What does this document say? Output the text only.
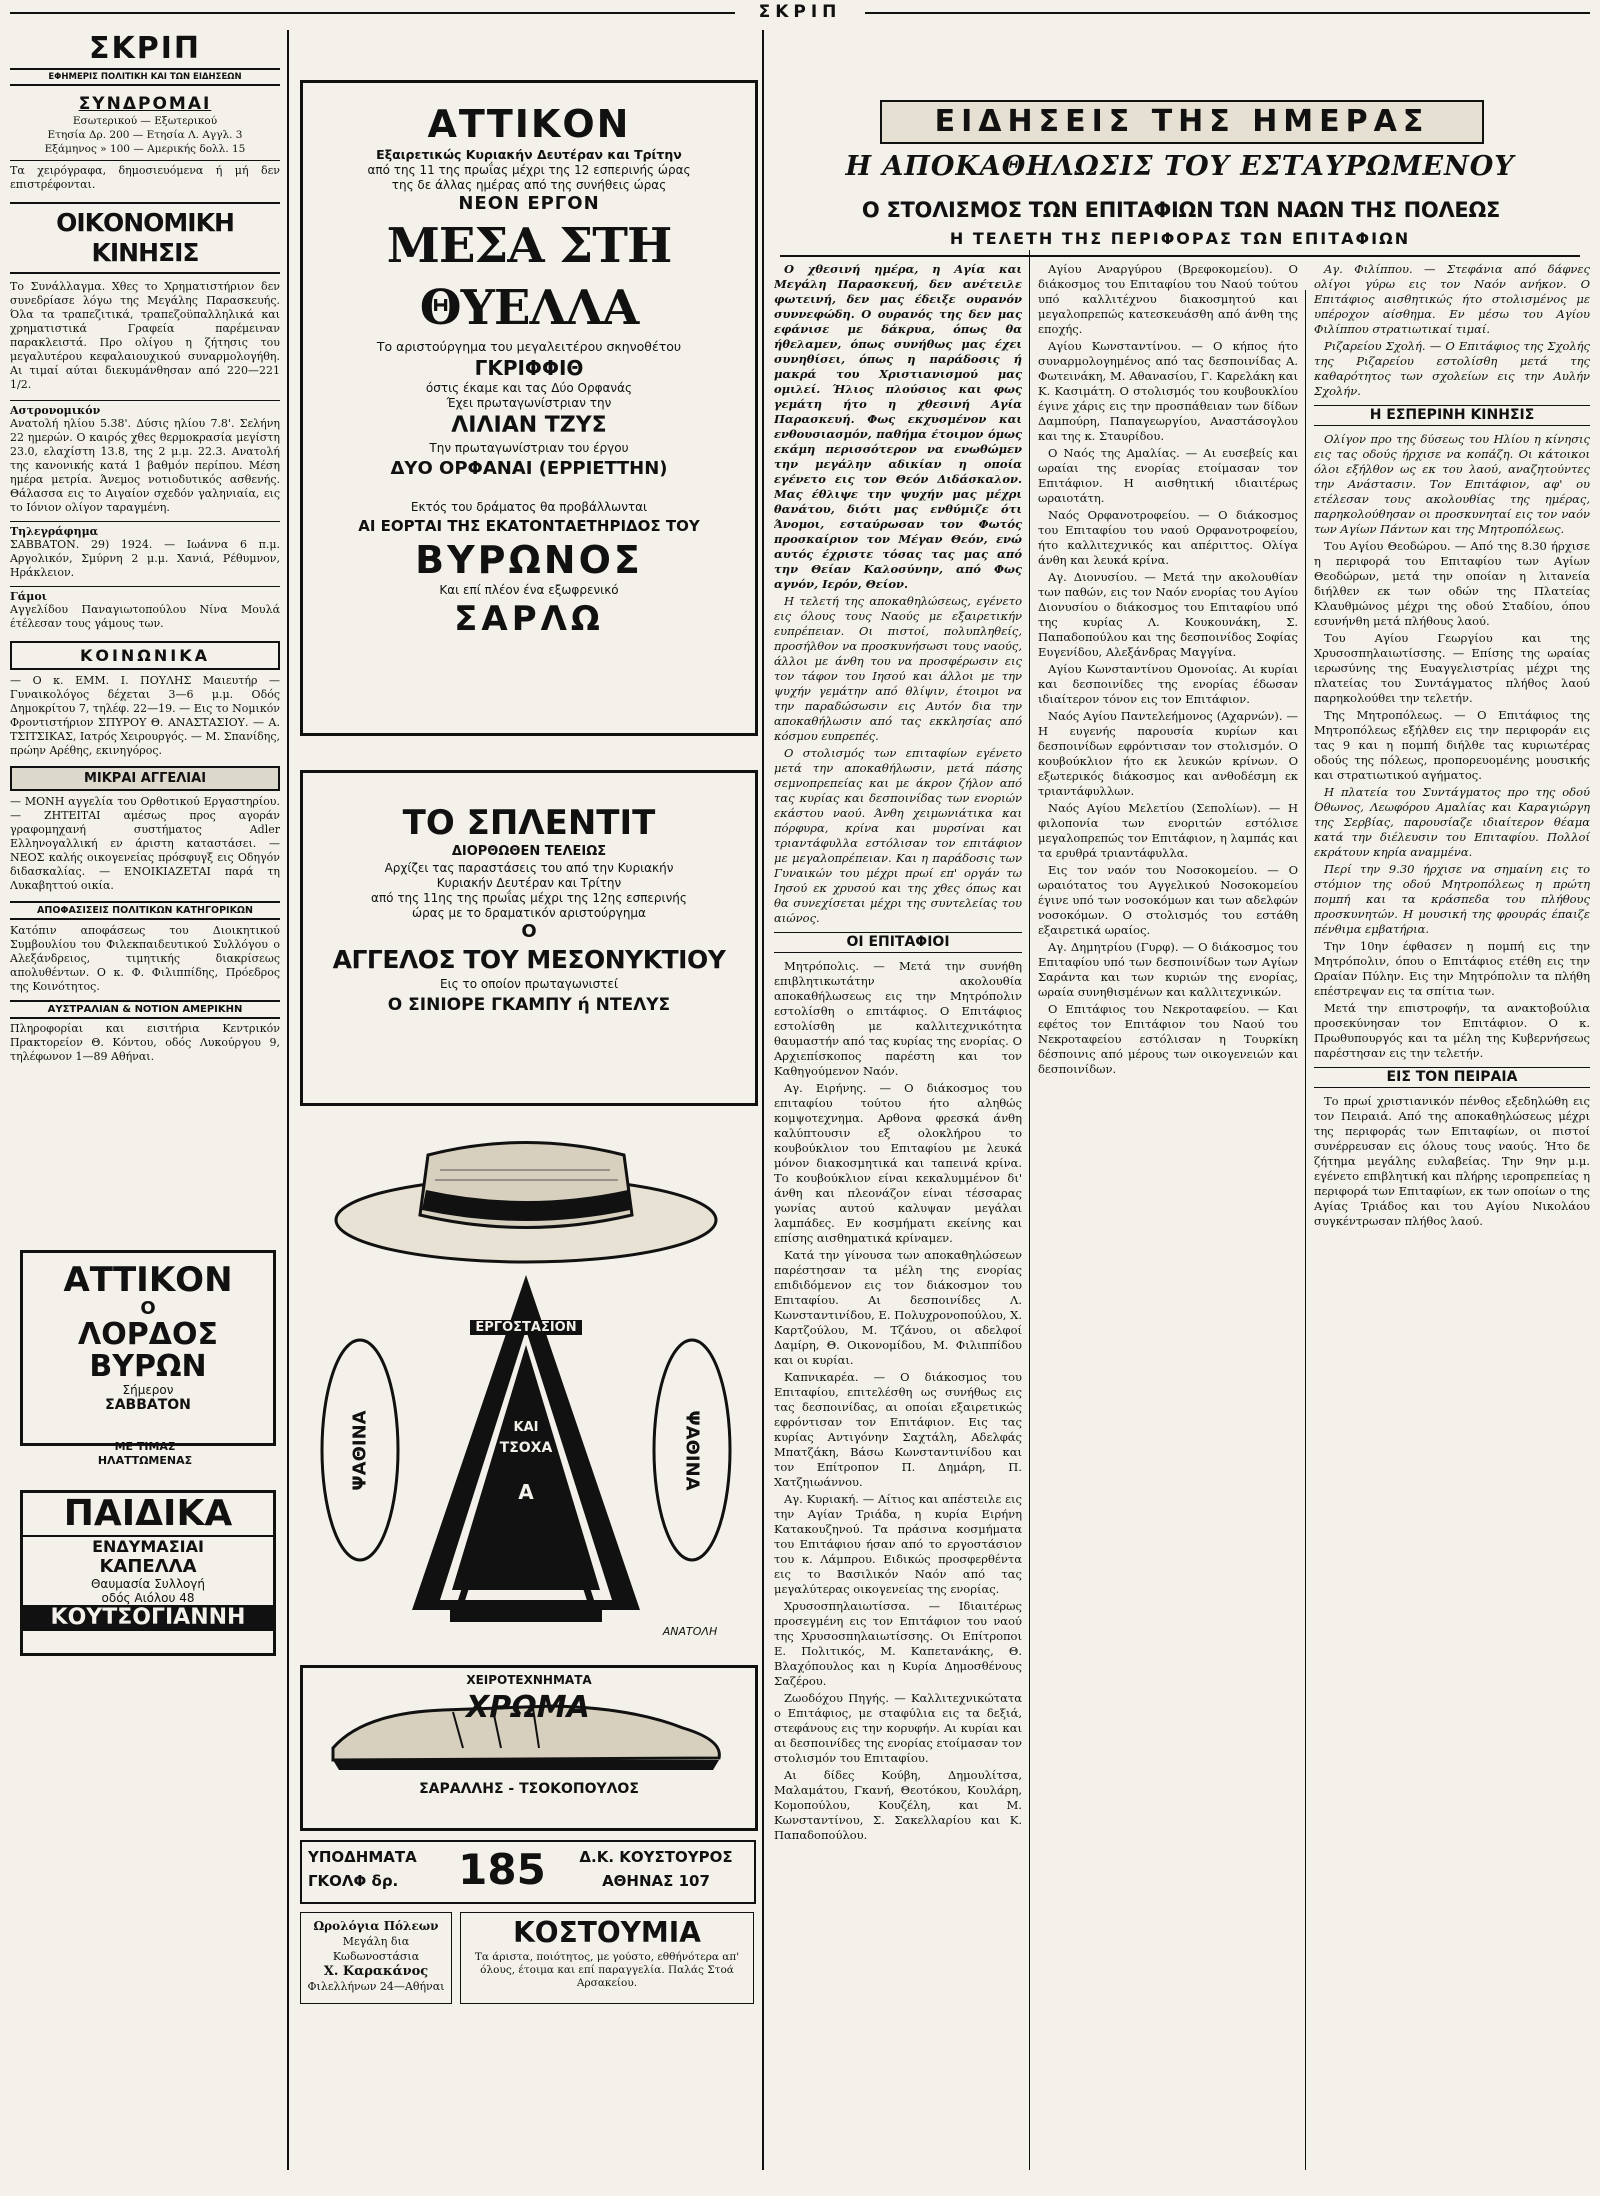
ΣΚΡΙΠ
ΣΚΡΙΠ
ΕΦΗΜΕΡΙΣ ΠΟΛΙΤΙΚΗ ΚΑΙ ΤΩΝ ΕΙΔΗΣΕΩΝ
ΣΥΝΔΡΟΜΑΙ
Εσωτερικού — Εξωτερικού
Ετησία Δρ. 200 — Ετησία Λ. Αγγλ. 3
Εξάμηνος » 100 — Αμερικής δολλ. 15
Τα χειρόγραφα, δημοσιευόμενα ή μή δεν επιστρέφονται.
ΟΙΚΟΝΟΜΙΚΗ ΚΙΝΗΣΙΣ
Το Συνάλλαγμα. Χθες το Χρηματιστήριον δεν συνεδρίασε λόγω της Μεγάλης Παρασκευής. Όλα τα τραπεζιτικά, τραπεζοϋπαλληλικά και χρηματιστικά Γραφεία παρέμειναν παρακλειστά. Προ ολίγου η ζήτησις του μεγαλυτέρου κεφαλαιουχικού συναρμολογήθη. Αι τιμαί αύται διεκυμάνθησαν από 220—221 1/2.
Αστρονομικόν
Ανατολή ηλίου 5.38'. Δύσις ηλίου 7.8'. Σελήνη 22 ημερών. Ο καιρός χθες θερμοκρασία μεγίστη 23.0, ελαχίστη 13.8, της 2 μ.μ. 22.3. Ανατολή της κανονικής κατά 1 βαθμόν περίπου. Μέση ημέρα μετρία. Άνεμος νοτιοδυτικός ασθενής. Θάλασσα εις το Αιγαίον σχεδόν γαληνιαία, εις το Ιόνιον ολίγον ταραγμένη.
Τηλεγράφημα
ΣΑΒΒΑΤΟΝ. 29) 1924. — Ιωάννα 6 π.μ. Αργολικόν, Σμύρνη 2 μ.μ. Χανιά, Ρέθυμνον, Ηράκλειον.
Γάμοι
Αγγελίδου Παναγιωτοπούλου Νίνα Μουλά έτέλεσαν τους γάμους των.
ΚΟΙΝΩΝΙΚΑ
— Ο κ. ΕΜΜ. Ι. ΠΟΥΛΗΣ Μαιευτήρ — Γυναικολόγος δέχεται 3—6 μ.μ. Οδός Δημοκρίτου 7, τηλέφ. 22—19. — Εις το Νομικόν Φροντιστήριον ΣΠΥΡΟΥ Θ. ΑΝΑΣΤΑΣΙΟΥ. — Α. ΤΣΙΤΣΙΚΑΣ, Ιατρός Χειρουργός. — Μ. Σπανίδης, πρώην Αρέθης, εκινηγόρος.
ΜΙΚΡΑΙ ΑΓΓΕΛΙΑΙ
— ΜΟΝΗ αγγελία του Ορθοτικού Εργαστηρίου. — ΖΗΤΕΙΤΑΙ αμέσως προς αγοράν γραφομηχανή συστήματος Adler Ελληνογαλλική εν άριστη καταστάσει. — ΝΕΟΣ καλής οικογενείας πρόσφυγξ εις Οδηγόν διδασκαλίας. — ΕΝΟΙΚΙΑΖΕΤΑΙ παρά τη Λυκαβηττού οικία.
ΑΠΟΦΑΣΙΣΕΙΣ ΠΟΛΙΤΙΚΩΝ ΚΑΤΗΓΟΡΙΚΩΝ
Κατόπιν αποφάσεως του Διοικητικού Συμβουλίου του Φιλεκπαιδευτικού Συλλόγου ο Αλεξάνδρειος, τιμητικής διακρίσεως απολυθέντων. Ο κ. Φ. Φιλιππίδης, Πρόεδρος της Κοινότητος.
ΑΥΣΤΡΑΛΙΑΝ & ΝΟΤΙΟΝ ΑΜΕΡΙΚΗΝ
Πληροφορίαι και εισιτήρια Κεντρικόν Πρακτορείον Θ. Κόντου, οδός Λυκούργου 9, τηλέφωνον 1—89 Αθήναι.
ΑΤΤΙΚΟΝ
Ο
ΛΟΡΔΟΣ
ΒΥΡΩΝ
Σήμερον
ΣΑΒΒΑΤΟΝ
ΜΕ ΤΙΜΑΣ
ΗΛΑΤΤΩΜΕΝΑΣ
ΠΑΙΔΙΚΑ
ΕΝΔΥΜΑΣΙΑΙ
ΚΑΠΕΛΛΑ
Θαυμασία Συλλογή
οδός Αιόλου 48
ΚΟΥΤΣΟΓΙΑΝΝΗ
ΑΤΤΙΚΟΝ
Εξαιρετικώς Κυριακήν Δευτέραν και Τρίτην
από της 11 της πρωΐας μέχρι της 12 εσπερινής ώρας
της δε άλλας ημέρας από της συνήθεις ώρας
ΝΕΟΝ ΕΡΓΟΝ
ΜΕΣΑ ΣΤΗ ΘΥΕΛΛΑ
Το αριστούργημα του μεγαλειτέρου σκηνοθέτου
ΓΚΡΙΦΦΙΘ
όστις έκαμε και τας Δύο Ορφανάς
Έχει πρωταγωνίστριαν την
ΛΙΛΙΑΝ ΤΖΥΣ
Την πρωταγωνίστριαν του έργου
ΔΥΟ ΟΡΦΑΝΑΙ (ΕΡΡΙΕΤΤΗΝ)
Εκτός του δράματος θα προβάλλωνται
ΑΙ ΕΟΡΤΑΙ ΤΗΣ ΕΚΑΤΟΝΤΑΕΤΗΡΙΔΟΣ ΤΟΥ
ΒΥΡΩΝΟΣ
Και επί πλέον ένα εξωφρενικό
ΣΑΡΛΩ
ΤΟ ΣΠΛΕΝΤΙΤ
ΔΙΟΡΘΩΘΕΝ ΤΕΛΕΙΩΣ
Αρχίζει τας παραστάσεις του από την Κυριακήν
Κυριακήν Δευτέραν και Τρίτην
από της 11ης της πρωΐας μέχρι της 12ης εσπερινής
ώρας με το δραματικόν αριστούργημα
Ο
ΑΓΓΕΛΟΣ ΤΟΥ ΜΕΣΟΝΥΚΤΙΟΥ
Εις το οποίον πρωταγωνιστεί
Ο ΣΙΝΙΟΡΕ ΓΚΑΜΠΥ ή ΝΤΕΛΥΣ
ΨΑΘΙΝΑ	ΨΑΘΙΝΑ
ΕΡΓΟΣΤΑΣΙΟΝ
ΚΑΙ
ΤΣΟΧΑ
Α
ΑΝΑΤΟΛΗ
ΧΕΙΡΟΤΕΧΝΗΜΑΤΑ
ΧΡΩΜΑ
ΣΑΡΑΛΛΗΣ - ΤΣΟΚΟΠΟΥΛΟΣ
ΥΠΟΔΗΜΑΤΑ
ΓΚΟΛΦ δρ.	185	Δ.Κ. ΚΟΥΣΤΟΥΡΟΣ
ΑΘΗΝΑΣ 107
Ωρολόγια Πόλεων
Μεγάλη δια Κωδωνοστάσια
Χ. Καρακάνος
Φιλελλήνων 24—Αθήναι
ΚΟΣΤΟΥΜΙΑ
Τα άριστα, ποιότητος, με γούστο, εθθήνότερα απ' όλους, έτοιμα και επί παραγγελία. Παλάς Στοά Αρσακείου.
ΕΙΔΗΣΕΙΣ ΤΗΣ ΗΜΕΡΑΣ
Η ΑΠΟΚΑΘΗΛΩΣΙΣ ΤΟΥ ΕΣΤΑΥΡΩΜΕΝΟΥ
Ο ΣΤΟΛΙΣΜΟΣ ΤΩΝ ΕΠΙΤΑΦΙΩΝ ΤΩΝ ΝΑΩΝ ΤΗΣ ΠΟΛΕΩΣ
Η ΤΕΛΕΤΗ ΤΗΣ ΠΕΡΙΦΟΡΑΣ ΤΩΝ ΕΠΙΤΑΦΙΩΝ

Ο χθεσινή ημέρα, η Αγία και Μεγάλη Παρασκευή, δεν ανέτειλε φωτεινή, δεν μας έδειξε ουρανόν συννεφώδη. Ο ουρανός της δεν μας εφάνισε με δάκρυα, όπως θα ήθελαμεν, όπως συνήθως μας έχει συνηθίσει, όπως η παράδοσις ή μακρά του Χριστιανισμού μας ομιλεί. Ήλιος πλούσιος και φως γεμάτη ήτο η χθεσινή Αγία Παρασκευή. Φως εκχυσμένον και ενθουσιασμόν, παθήμα έτοιμον όμως εκάμη περισσότερον να ενωθώμεν την μεγάλην αδικίαν η οποία εγένετο εις τον Θεόν Διδάσκαλον. Μας έθλιψε την ψυχήν μας μέχρι θανάτου, διότι μας ενθύμιζε ότι Άνομοι, εσταύρωσαν τον Φωτός προσκαίριον τον Μέγαν Θεόν, ενώ αυτός έχριστε τόσας τας μας από την Θείαν Καλοσύνην, από Φως αγνόν, Ιερόν, Θείον.

Η τελετή της αποκαθηλώσεως, εγένετο εις όλους τους Ναούς με εξαιρετικήν ευπρέπειαν. Οι πιστοί, πολυπληθείς, προσήλθον να προσκυνήσωσι τους ναούς, άλλοι με άνθη του να προσφέρωσιν εις τον τάφον του Ιησού και άλλοι με την ψυχήν γεμάτην από θλίψιν, έτοιμοι να την παραδώσωσιν εις Αυτόν δια την αποκαθήλωσιν από τας εκκλησίας από κόσμου ευπρεπές.

Ο στολισμός των επιταφίων εγένετο μετά την αποκαθήλωσιν, μετά πάσης σεμνοπρεπείας και με άκρον ζήλον από τας κυρίας και δεσποινίδας των ενοριών εκάστου ναού. Άνθη χειμωνιάτικα και πόρφυρα, κρίνα και μυρσίναι και τριαντάφυλλα εστόλισαν τον επιτάφιον με μεγαλοπρέπειαν. Και η παράδοσις των Γυναικών του μέχρι πρωί επ' οργάν τω Ιησού εκ χρυσού και της χθες όπως και θα συνεχίσεται μέχρι της συντελείας του αιώνος.

ΟΙ ΕΠΙΤΑΦΙΟΙ

Μητρόπολις. — Μετά την συνήθη επιβλητικωτάτην ακολουθία αποκαθήλωσεως εις την Μητρόπολιν εστολίσθη ο επιτάφιος. Ο Επιτάφιος εστολίσθη με καλλιτεχνικότητα θαυμαστήν από τας κυρίας της ενορίας. Ο Αρχιεπίσκοπος παρέστη και τον Καθηγούμενον Ναόν.

Αγ. Ειρήνης. — Ο διάκοσμος του επιταφίου τούτου ήτο αληθώς κομψοτεχνημα. Αρθονα φρεσκά άνθη καλύπτουσιν εξ ολοκλήρου το κουβούκλιον του Επιταφίου με λευκά μόνον διακοσμητικά και ταπεινά κρίνα. Το κουβούκλιον είναι κεκαλυμμένον δι' άνθη και πλεονάζον είναι τέσσαρας γωνίας αυτού καλυψαν μεγάλαι λαμπάδες. Εν κοσμήματι εκείνης και επίσης αισθηματικά κρίναμεν.

Κατά την γίνουσα των αποκαθηλώσεων παρέστησαν τα μέλη της ενορίας επιδιδόμενον εις τον διάκοσμον του Επιταφίου. Αι δεσποινίδες Λ. Κωνσταντινίδου, Ε. Πολυχρονοπούλου, Χ. Καρτζούλου, Μ. Τζάνου, οι αδελφοί Δαμίρη, Θ. Οικονομίδου, Μ. Φιλιππίδου και οι κυρίαι.

Καπνικαρέα. — Ο διάκοσμος του Επιταφίου, επιτελέσθη ως συνήθως εις τας δεσποινίδας, αι οποίαι εξαιρετικώς εφρόντισαν τον Επιτάφιον. Εις τας κυρίας Αντιγόνην Σαχτάλη, Αδελφάς Μπατζάκη, Βάσω Κωνσταντινίδου και τον Επίτροπον Π. Δημάρη, Π. Χατζηιωάννου.

Αγ. Κυριακή. — Αίτιος και απέστειλε εις την Αγίαν Τριάδα, η κυρία Ειρήνη Κατακουζηνού. Τα πράσινα κοσμήματα του Επιτάφιου ήσαν από το εργοστάσιον του κ. Λάμπρου. Ειδικώς προσφερθέντα εις το Βασιλικόν Ναόν από τας μεγαλύτερας οικογενείας της ενορίας.

Χρυσοσπηλαιωτίσσα. — Ιδιαιτέρως προσεγμένη εις τον Επιτάφιον του ναού της Χρυσοσπηλαιωτίσσης. Οι Επίτροποι Ε. Πολιτικός, Μ. Καπετανάκης, Θ. Βλαχόπουλος και η Κυρία Δημοσθένους Σαζέρου.

Ζωοδόχου Πηγής. — Καλλιτεχνικώτατα ο Επιτάφιος, με σταφύλια εις τα δεξιά, στεφάνους εις την κορυφήν. Αι κυρίαι και αι δεσποινίδες της ενορίας ετοίμασαν τον στολισμόν του Επιταφίου.

Αι δίδες Κούβη, Δημουλίτσα, Μαλαμάτου, Γκανή, Θεοτόκου, Κουλάρη, Κομοπούλου, Κουζέλη, και Μ. Κωνσταντίνου, Σ. Σακελλαρίου και Κ. Παπαδοπούλου.

Αγίου Αναργύρου (Βρεφοκομείου). Ο διάκοσμος του Επιταφίου του Ναού τούτου υπό καλλιτέχνου διακοσμητού και μεγαλοπρεπώς κατεσκευάσθη από άνθη της εποχής.

Αγίου Κωνσταντίνου. — Ο κήπος ήτο συναρμολογημένος από τας δεσποινίδας Α. Φωτεινάκη, Μ. Αθανασίου, Γ. Καρελάκη και Κ. Κασιμάτη. Ο στολισμός του κουβουκλίου έγινε χάρις εις την προσπάθειαν των δίδων Δαμπούρη, Παπαγεωργίου, Αναστάσογλου και της κ. Σταυρίδου.

Ο Ναός της Αμαλίας. — Αι ευσεβείς και ωραίαι της ενορίας ετοίμασαν τον Επιτάφιον. Η αισθητική ιδιαιτέρως ωραιοτάτη.

Ναός Ορφανοτροφείου. — Ο διάκοσμος του Επιταφίου του ναού Ορφανοτροφείου, ήτο καλλιτεχνικός και απέριττος. Ολίγα άνθη και λευκά κρίνα.

Αγ. Διονυσίου. — Μετά την ακολουθίαν των παθών, εις τον Ναόν ενορίας του Αγίου Διονυσίου ο διάκοσμος του Επιταφίου υπό της κυρίας Λ. Κουκουνάκη, Σ. Παπαδοπούλου και της δεσποινίδος Σοφίας Ευγενίδου, Αλεξάνδρας Μαγγίνα.

Αγίου Κωνσταντίνου Ομονοίας. Αι κυρίαι και δεσποινίδες της ενορίας έδωσαν ιδιαίτερον τόνον εις τον Επιτάφιον.

Ναός Αγίου Παντελεήμονος (Αχαρνών). — Η ευγενής παρουσία κυρίων και δεσποινίδων εφρόντισαν τον στολισμόν. Ο κουβούκλιον ήτο εκ λευκών κρίνων. Ο εξωτερικός διάκοσμος και ανθοδέσμη εκ τριαντάφυλλων.

Ναός Αγίου Μελετίου (Σεπολίων). — Η φιλοπονία των ενοριτών εστόλισε μεγαλοπρεπώς τον Επιτάφιον, η λαμπάς και τα ερυθρά τριαντάφυλλα.

Εις τον ναόν του Νοσοκομείου. — Ο ωραιότατος του Αγγελικού Νοσοκομείου έγινε υπό των νοσοκόμων και των αδελφών νοσοκόμων. Ο στολισμός του εστάθη εξαιρετικά ωραίος.

Αγ. Δημητρίου (Γυρφ). — Ο διάκοσμος του Επιταφίου υπό των δεσποινίδων των Αγίων Σαράντα και των κυριών της ενορίας, ωραία συνηθισμένων και καλλιτεχνικών.

Ο Επιτάφιος του Νεκροταφείου. — Και εφέτος τον Επιτάφιον του Ναού του Νεκροταφείου εστόλισαν η Τουρκίκη δέσποινις από μέρους των οικογενειών και δεσποινίδων.

Αγ. Φιλίππου. — Στεφάνια από δάφνες ολίγοι γύρω εις τον Ναόν ανήκον. Ο Επιτάφιος αισθητικώς ήτο στολισμένος με υπέροχον αίσθημα. Εν μέσω του Αγίου Φιλίππου στρατιωτικαί τιμαί.

Ριζαρείου Σχολή. — Ο Επιτάφιος της Σχολής της Ριζαρείου εστολίσθη μετά της καθαρότητος των σχολείων εις την Αυλήν Σχολήν.

Η ΕΣΠΕΡΙΝΗ ΚΙΝΗΣΙΣ

Ολίγον προ της δύσεως του Ηλίου η κίνησις εις τας οδούς ήρχισε να κοπάζη. Οι κάτοικοι όλοι εξήλθον ως εκ του λαού, αναζητούντες την Ανάστασιν. Τον Επιτάφιον, αφ' ου ετέλεσαν τους ακολουθίας της ημέρας, παρηκολούθησαν οι προσκυνηταί εις τον ναόν των Αγίων Πάντων και της Μητροπόλεως.

Του Αγίου Θεοδώρου. — Από της 8.30 ήρχισε η περιφορά του Επιταφίου των Αγίων Θεοδώρων, μετά την οποίαν η λιτανεία διήλθεν εκ των οδών της Πλατείας Κλαυθμώνος μέχρι της οδού Σταδίου, όπου εσυνήνθη μετά πλήθους λαού.

Του Αγίου Γεωργίου και της Χρυσοσπηλαιωτίσσης. — Επίσης της ωραίας ιερωσύνης της Ευαγγελιστρίας μέχρι της πλατείας του Συντάγματος πλήθος λαού παρηκολούθει την τελετήν.

Της Μητροπόλεως. — Ο Επιτάφιος της Μητροπόλεως εξήλθεν εις την περιφοράν εις τας 9 και η πομπή διήλθε τας κυριωτέρας οδούς της πόλεως, προπορευομένης μουσικής και στρατιωτικού αγήματος.

Η πλατεία του Συντάγματος προ της οδού Όθωνος, Λεωφόρου Αμαλίας και Καραγιώργη της Σερβίας, παρουσίαζε ιδιαίτερον θέαμα κατά την διέλευσιν του Επιταφίου. Πολλοί εκράτουν κηρία αναμμένα.

Περί την 9.30 ήρχισε να σημαίνη εις το στόμιον της οδού Μητροπόλεως η πρώτη πομπή και τα κράσπεδα του πλήθους προσκυνητών. Η μουσική της φρουράς έπαιζε πένθιμα εμβατήρια.

Την 10ην έφθασεν η πομπή εις την Μητρόπολιν, όπου ο Επιτάφιος ετέθη εις την Ωραίαν Πύλην. Εις την Μητρόπολιν τα πλήθη επέστρεψαν εις τα σπίτια των.

Μετά την επιστροφήν, τα ανακτοβούλια προσεκύνησαν τον Επιτάφιον. Ο κ. Πρωθυπουργός και τα μέλη της Κυβερνήσεως παρέστησαν εις την τελετήν.

ΕΙΣ ΤΟΝ ΠΕΙΡΑΙΑ

Το πρωί χριστιανικόν πένθος εξεδηλώθη εις τον Πειραιά. Από της αποκαθηλώσεως μέχρι της περιφοράς των Επιταφίων, οι πιστοί συνέρρευσαν εις όλους τους ναούς. Ήτο δε ζήτημα μεγάλης ευλαβείας. Την 9ην μ.μ. εγένετο επιβλητική και πλήρης ιεροπρεπείας η περιφορά των Επιταφίων, εκ των οποίων ο της Αγίας Τριάδος και του Αγίου Νικολάου συγκέντρωσαν πλήθος λαού.
